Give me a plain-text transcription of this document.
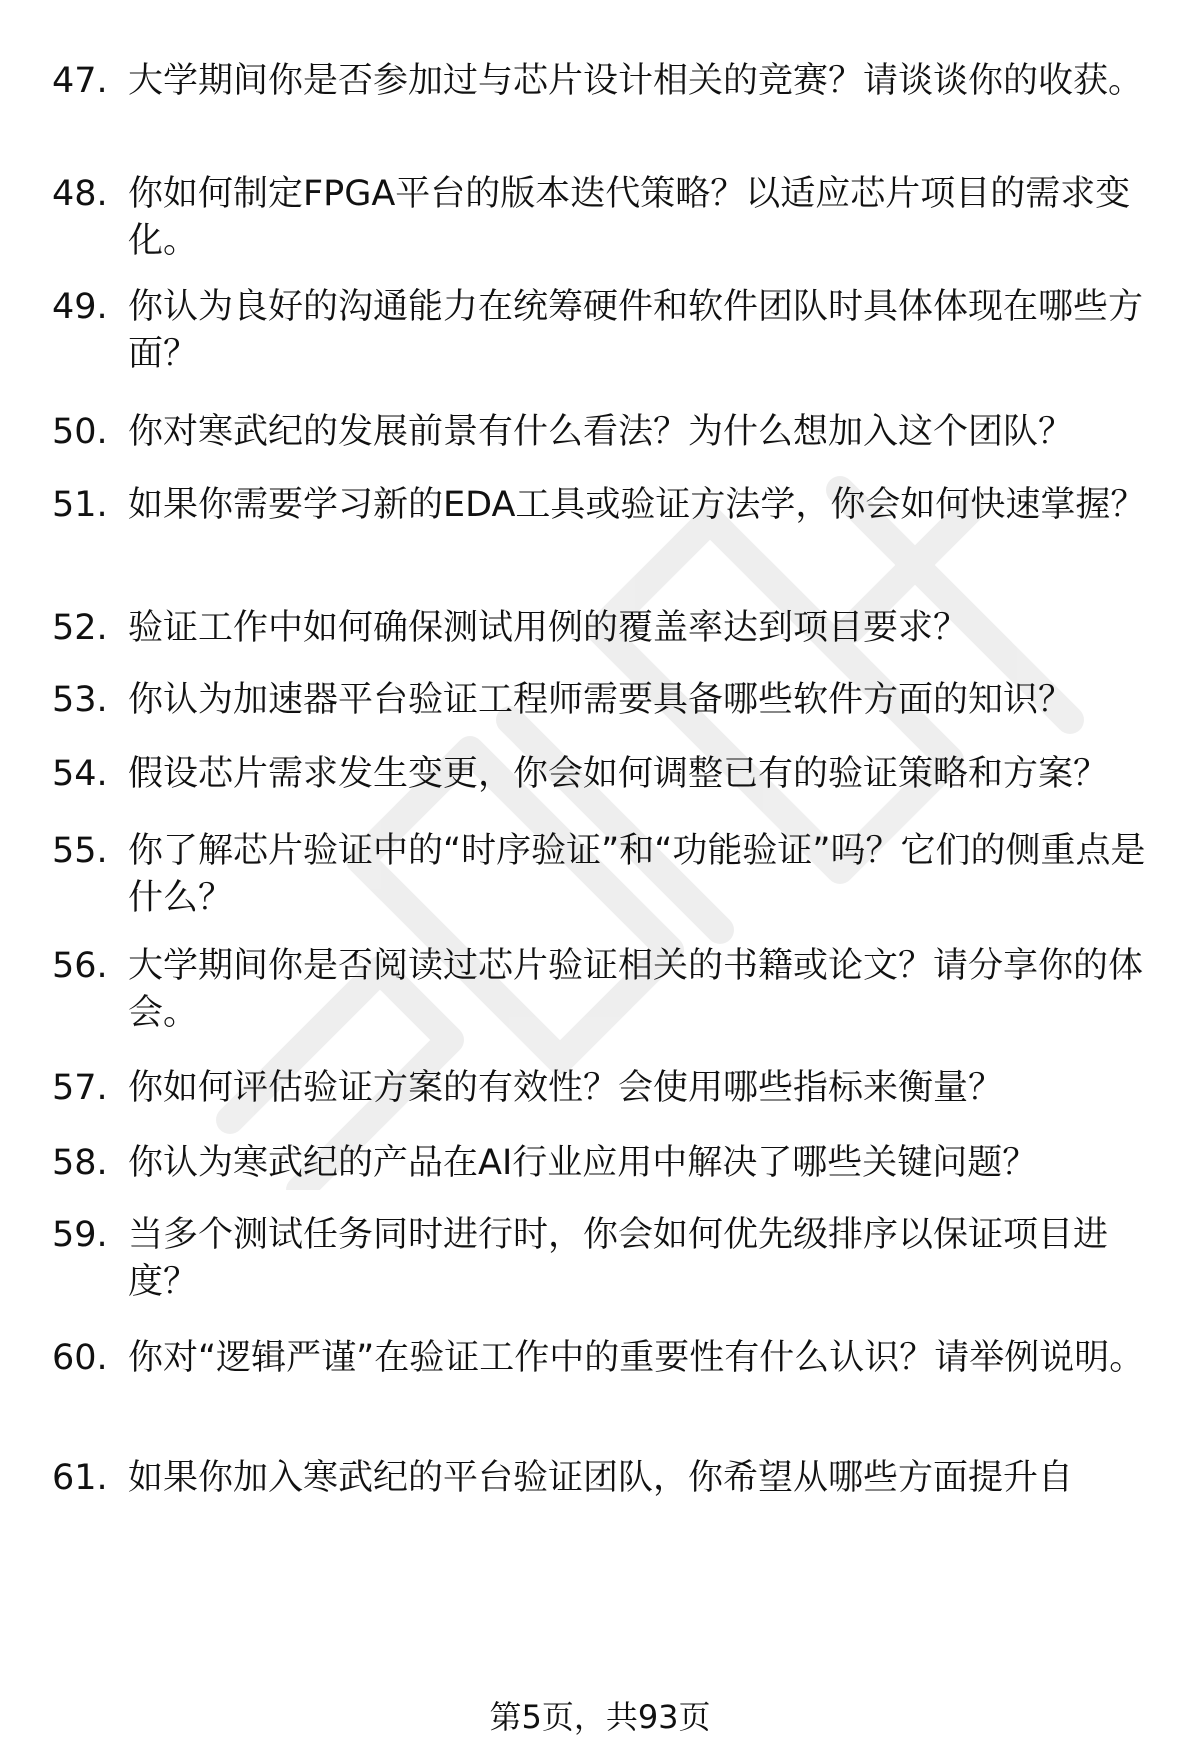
47. 大学期间你是否参加过与芯片设计相关的竞赛？请谈谈你的收获。
48. 你如何制定FPGA平台的版本迭代策略？以适应芯片项目的需求变化。
49. 你认为良好的沟通能力在统筹硬件和软件团队时具体体现在哪些方面？
50. 你对寒武纪的发展前景有什么看法？为什么想加入这个团队？
51. 如果你需要学习新的EDA工具或验证方法学，你会如何快速掌握？
52. 验证工作中如何确保测试用例的覆盖率达到项目要求？
53. 你认为加速器平台验证工程师需要具备哪些软件方面的知识？
54. 假设芯片需求发生变更，你会如何调整已有的验证策略和方案？
55. 你了解芯片验证中的“时序验证”和“功能验证”吗？它们的侧重点是什么？
56. 大学期间你是否阅读过芯片验证相关的书籍或论文？请分享你的体会。
57. 你如何评估验证方案的有效性？会使用哪些指标来衡量？
58. 你认为寒武纪的产品在AI行业应用中解决了哪些关键问题？
59. 当多个测试任务同时进行时，你会如何优先级排序以保证项目进度？
60. 你对“逻辑严谨”在验证工作中的重要性有什么认识？请举例说明。
61. 如果你加入寒武纪的平台验证团队，你希望从哪些方面提升自
第5页，共93页
